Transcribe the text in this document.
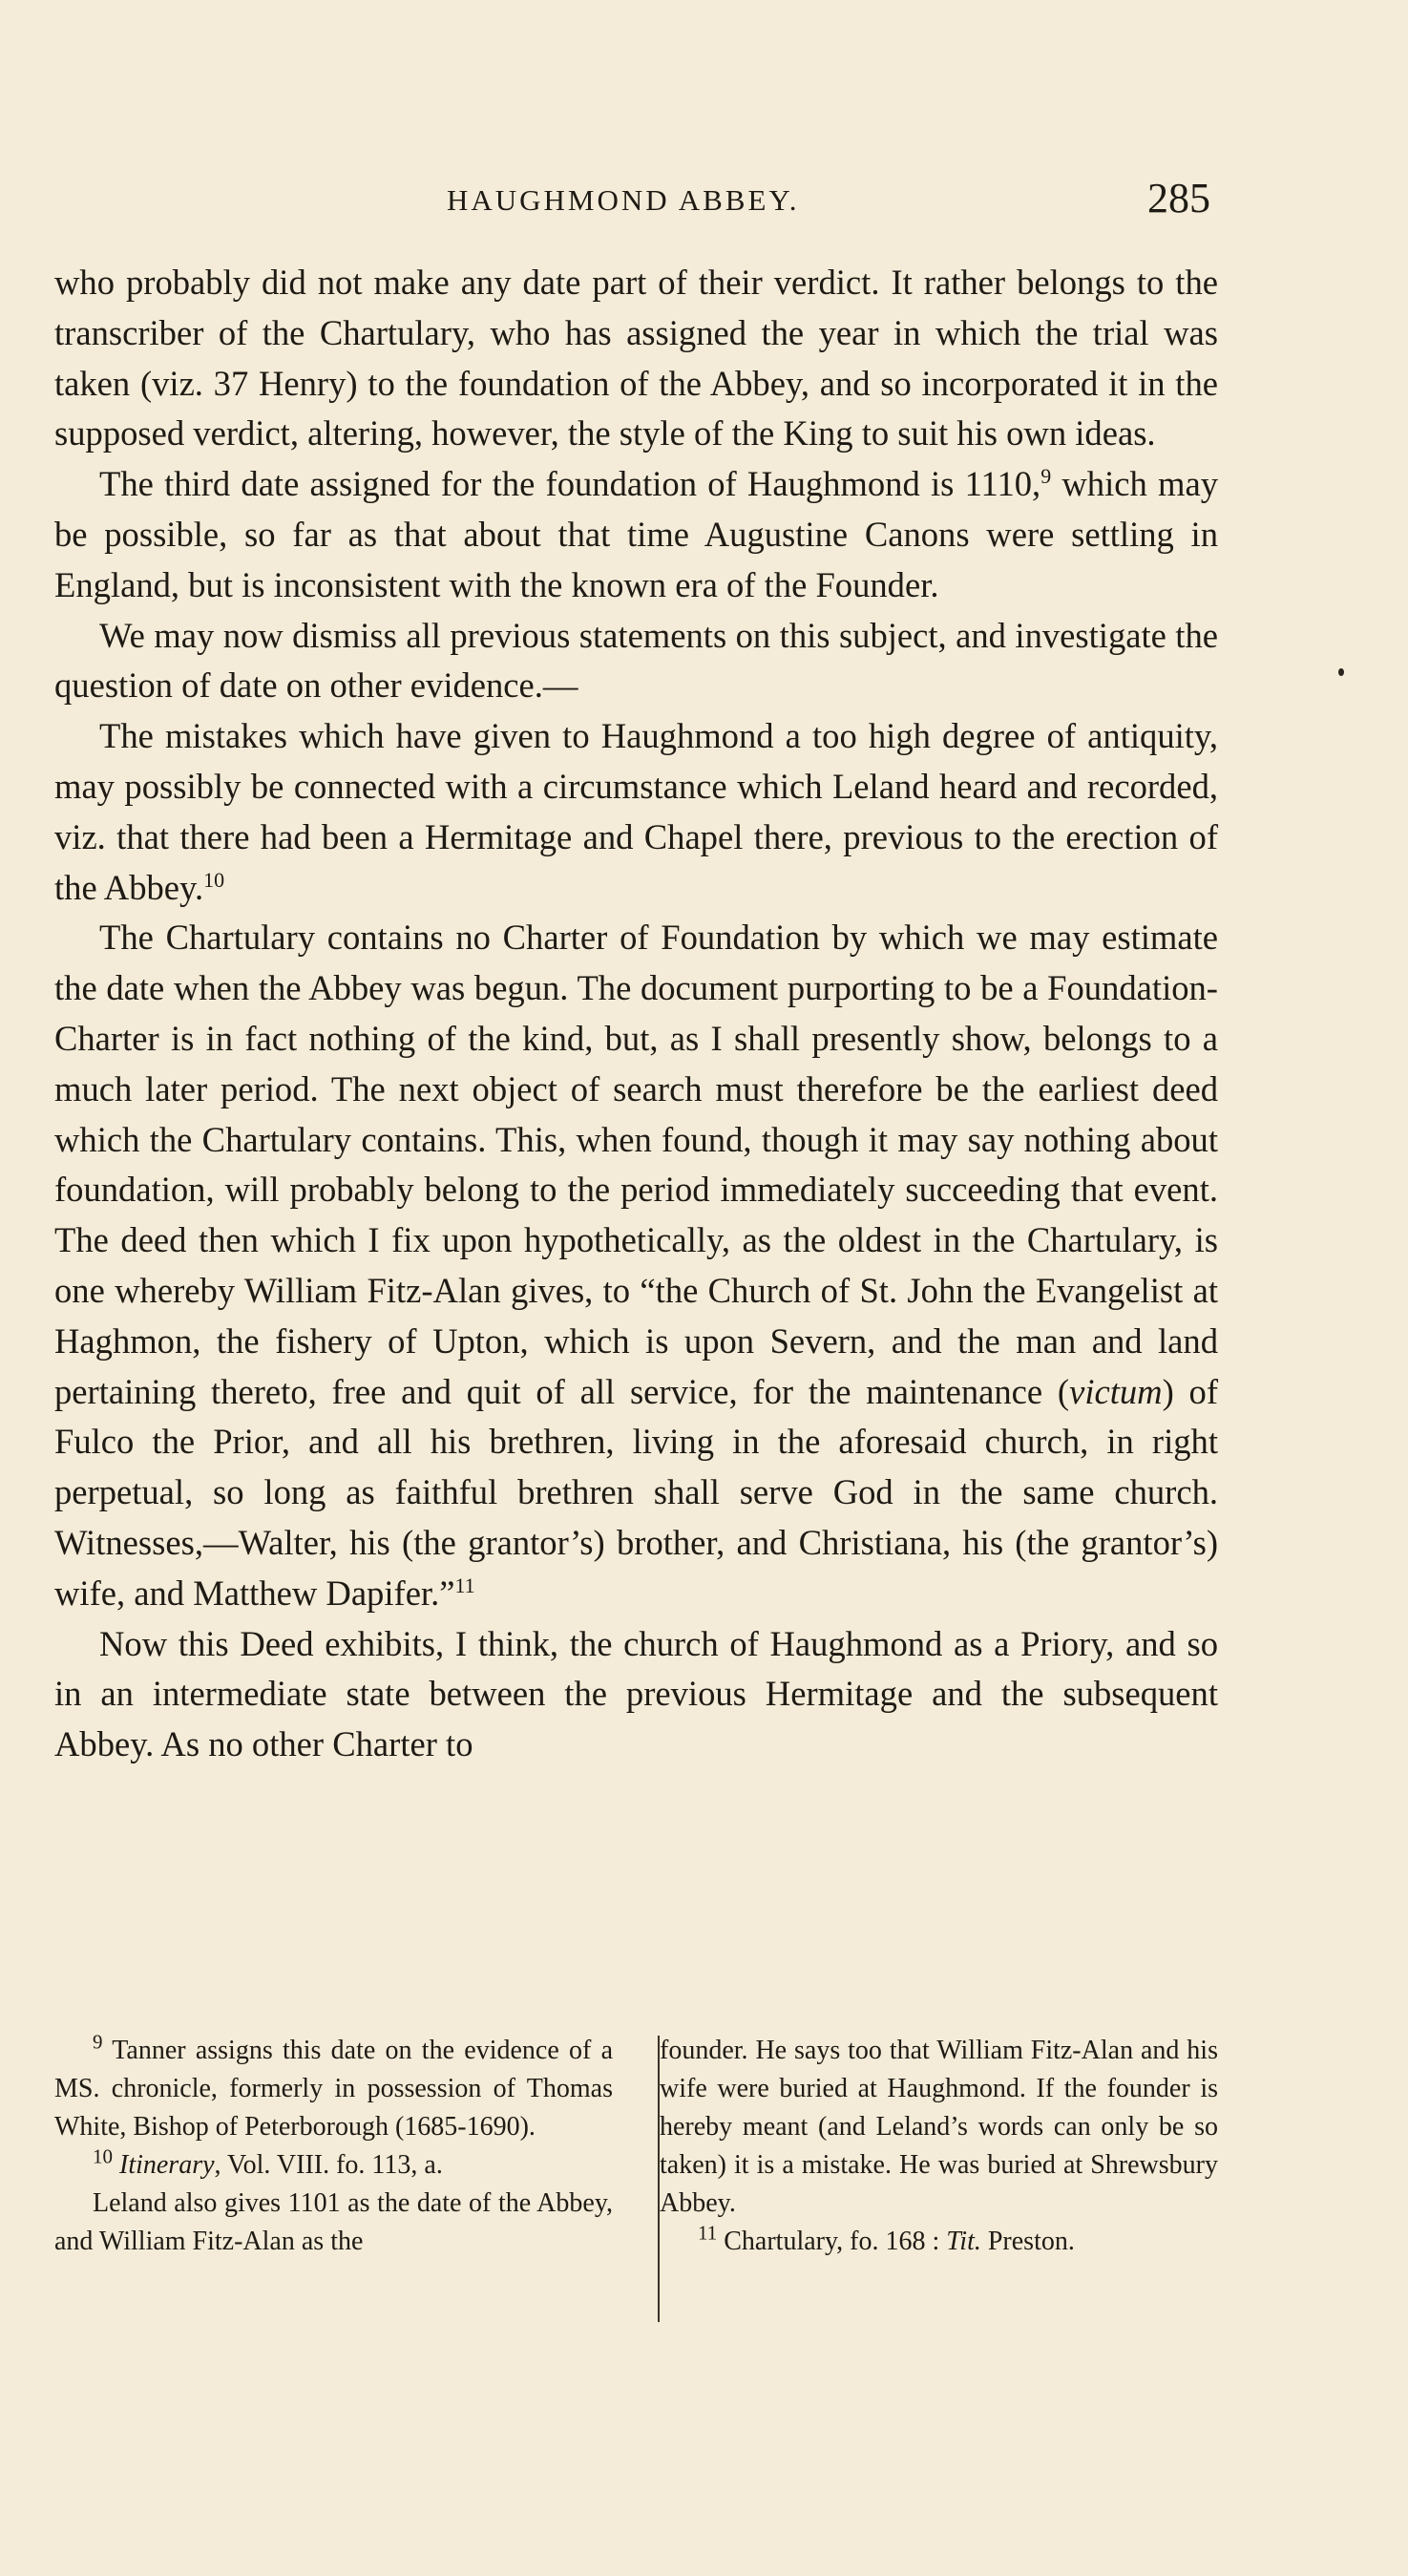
HAUGHMOND ABBEY.	285

who probably did not make any date part of their verdict. It rather belongs to the transcriber of the Chartulary, who has assigned the year in which the trial was taken (viz. 37 Henry) to the foundation of the Abbey, and so incorporated it in the supposed verdict, altering, however, the style of the King to suit his own ideas.

The third date assigned for the foundation of Haughmond is 1110,$^9$ which may be possible, so far as that about that time Augustine Canons were settling in England, but is inconsistent with the known era of the Founder.

We may now dismiss all previous statements on this subject, and investigate the question of date on other evidence.—

The mistakes which have given to Haughmond a too high degree of antiquity, may possibly be connected with a circumstance which Leland heard and recorded, viz. that there had been a Hermitage and Chapel there, previous to the erection of the Abbey.$^{10}$

The Chartulary contains no Charter of Foundation by which we may estimate the date when the Abbey was begun. The document purporting to be a Foundation-Charter is in fact nothing of the kind, but, as I shall presently show, belongs to a much later period. The next object of search must therefore be the earliest deed which the Chartulary contains. This, when found, though it may say nothing about foundation, will probably belong to the period immediately succeeding that event. The deed then which I fix upon hypothetically, as the oldest in the Chartulary, is one whereby William Fitz-Alan gives, to “the Church of St. John the Evangelist at Haghmon, the fishery of Upton, which is upon Severn, and the man and land pertaining thereto, free and quit of all service, for the maintenance (victum) of Fulco the Prior, and all his brethren, living in the aforesaid church, in right perpetual, so long as faithful brethren shall serve God in the same church. Witnesses,—Walter, his (the grantor’s) brother, and Christiana, his (the grantor’s) wife, and Matthew Dapifer.”$^{11}$

Now this Deed exhibits, I think, the church of Haughmond as a Priory, and so in an intermediate state between the previous Hermitage and the subsequent Abbey. As no other Charter to

$^9$ Tanner assigns this date on the evidence of a MS. chronicle, formerly in possession of Thomas White, Bishop of Peterborough (1685-1690).

$^{10}$ Itinerary, Vol. VIII. fo. 113, a.

Leland also gives 1101 as the date of the Abbey, and William Fitz-Alan as the

founder. He says too that William Fitz-Alan and his wife were buried at Haughmond. If the founder is hereby meant (and Leland’s words can only be so taken) it is a mistake. He was buried at Shrewsbury Abbey.

$^{11}$ Chartulary, fo. 168 : Tit. Preston.
